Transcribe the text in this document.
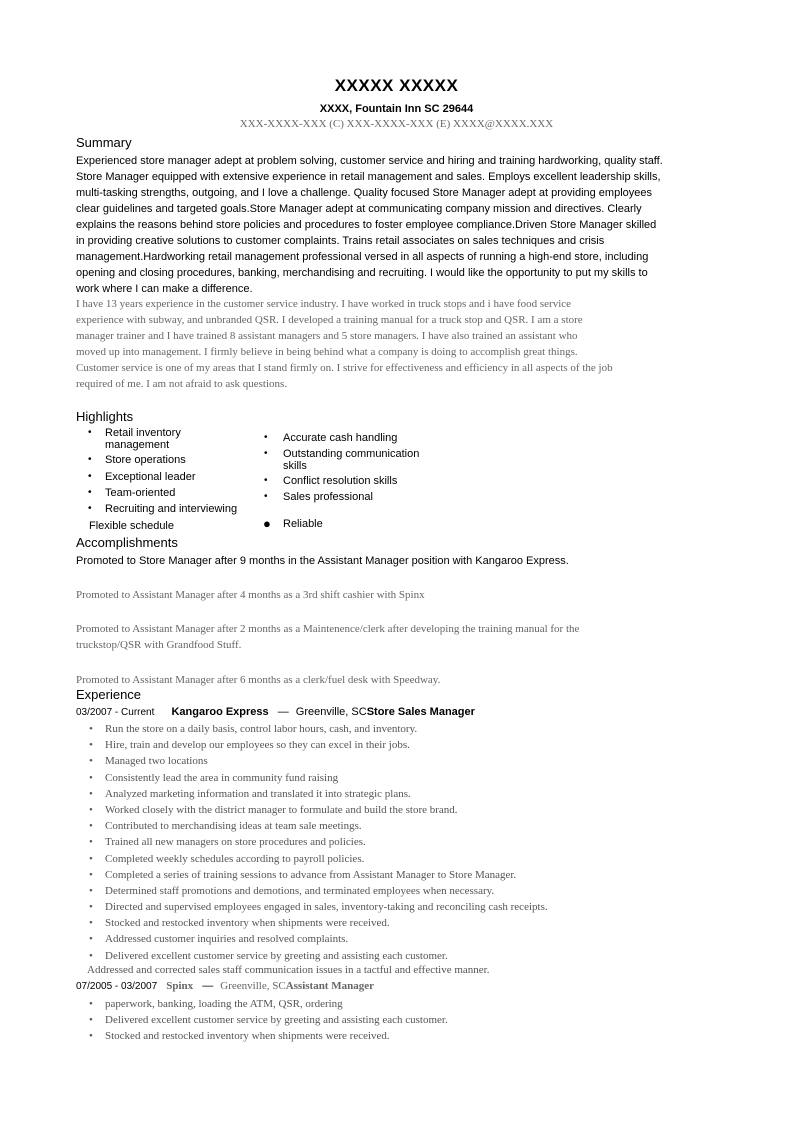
XXXXX XXXXX
XXXX, Fountain Inn SC 29644
XXX-XXXX-XXX (C) XXX-XXXX-XXX (E) XXXX@XXXX.XXX
Summary
Experienced store manager adept at problem solving, customer service and hiring and training hardworking, quality staff.
Store Manager equipped with extensive experience in retail management and sales. Employs excellent leadership skills,
multi-tasking strengths, outgoing, and I love a challenge. Quality focused Store Manager adept at providing employees
clear guidelines and targeted goals.Store Manager adept at communicating company mission and directives. Clearly
explains the reasons behind store policies and procedures to foster employee compliance.Driven Store Manager skilled
in providing creative solutions to customer complaints. Trains retail associates on sales techniques and crisis
management.Hardworking retail management professional versed in all aspects of running a high-end store, including
opening and closing procedures, banking, merchandising and recruiting. I would like the opportunity to put my skills to
work where I can make a difference.
I have 13 years experience in the customer service industry. I have worked in truck stops and i have food service
experience with subway, and unbranded QSR. I developed a training manual for a truck stop and QSR. I am a store
manager trainer and I have trained 8 assistant managers and 5 store managers. I have also trained an assistant who
moved up into management. I firmly believe in being behind what a company is doing to accomplish great things.
Customer service is one of my areas that I stand firmly on. I strive for effectiveness and efficiency in all aspects of the job
required of me. I am not afraid to ask questions.
Highlights
• Retail inventory management
• Store operations
• Exceptional leader
• Team-oriented
• Recruiting and interviewing
Flexible schedule
• Accurate cash handling
• Outstanding communication skills
• Conflict resolution skills
• Sales professional
● Reliable
Accomplishments
Promoted to Store Manager after 9 months in the Assistant Manager position with Kangaroo Express.
Promoted to Assistant Manager after 4 months as a 3rd shift cashier with Spinx
Promoted to Assistant Manager after 2 months as a Maintenence/clerk after developing the training manual for the
truckstop/QSR with Grandfood Stuff.
Promoted to Assistant Manager after 6 months as a clerk/fuel desk with Speedway.
Experience
03/2007 - Current Kangaroo Express — Greenville, SCStore Sales Manager
• Run the store on a daily basis, control labor hours, cash, and inventory.
• Hire, train and develop our employees so they can excel in their jobs.
• Managed two locations
• Consistently lead the area in community fund raising
• Analyzed marketing information and translated it into strategic plans.
• Worked closely with the district manager to formulate and build the store brand.
• Contributed to merchandising ideas at team sale meetings.
• Trained all new managers on store procedures and policies.
• Completed weekly schedules according to payroll policies.
• Completed a series of training sessions to advance from Assistant Manager to Store Manager.
• Determined staff promotions and demotions, and terminated employees when necessary.
• Directed and supervised employees engaged in sales, inventory-taking and reconciling cash receipts.
• Stocked and restocked inventory when shipments were received.
• Addressed customer inquiries and resolved complaints.
• Delivered excellent customer service by greeting and assisting each customer.
Addressed and corrected sales staff communication issues in a tactful and effective manner.
07/2005 - 03/2007 Spinx — Greenville, SCAssistant Manager
• paperwork, banking, loading the ATM, QSR, ordering
• Delivered excellent customer service by greeting and assisting each customer.
• Stocked and restocked inventory when shipments were received.
